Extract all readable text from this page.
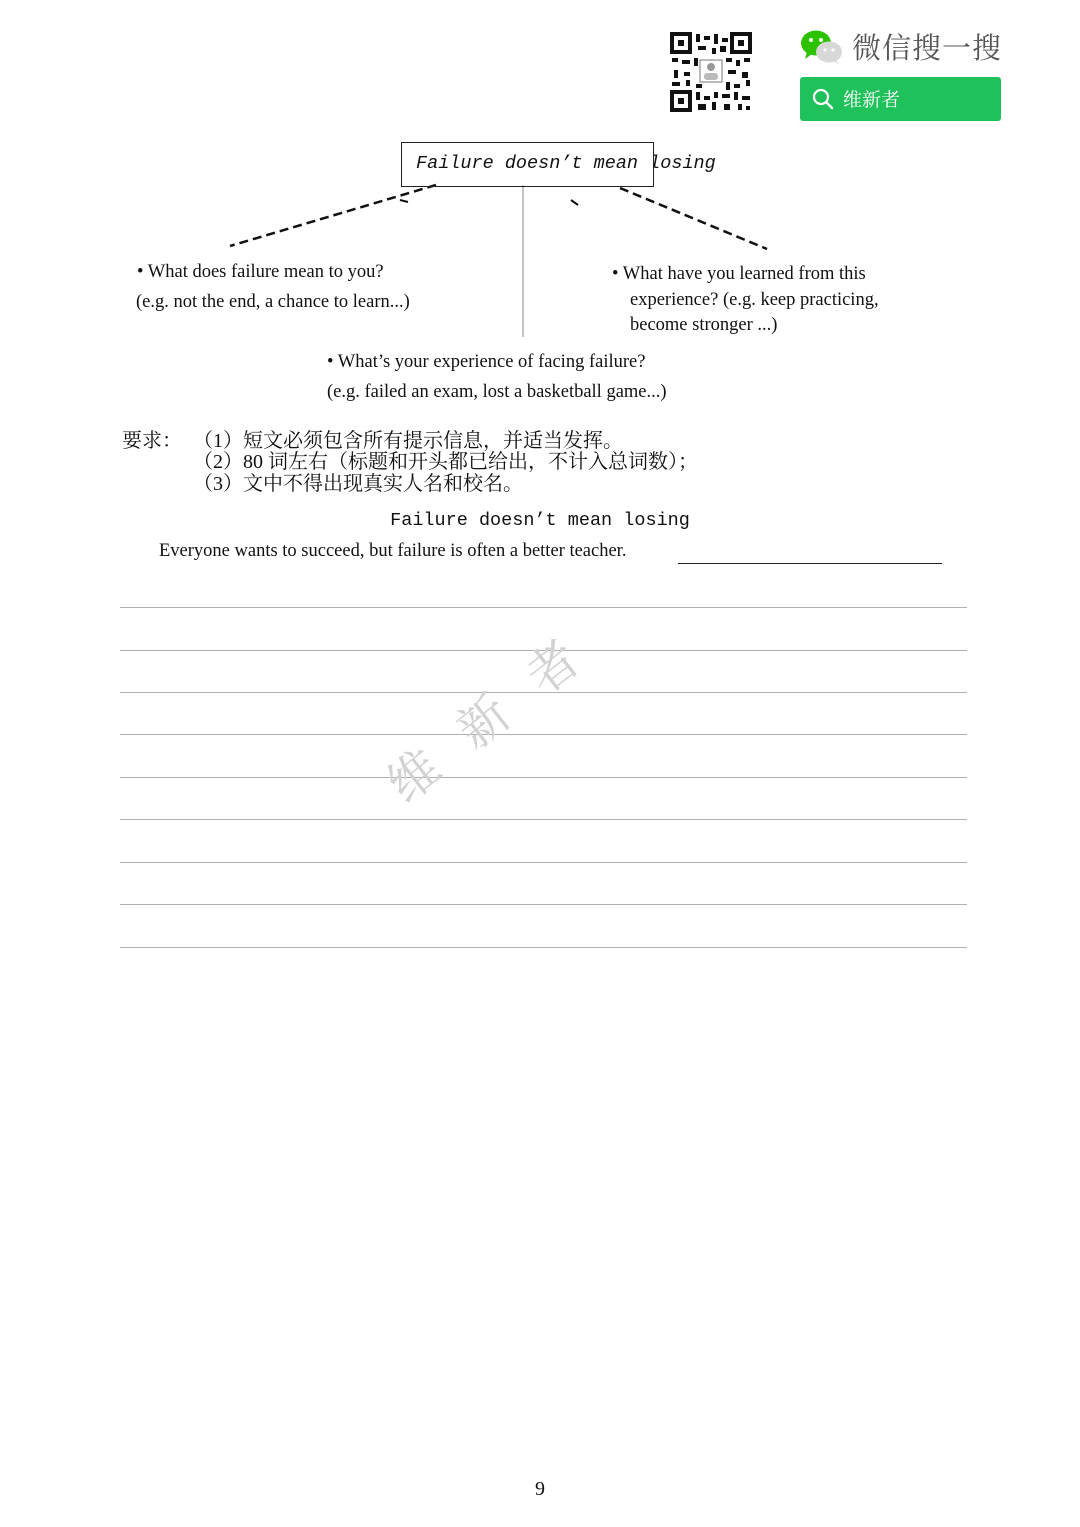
微信搜一搜
维新者
Failure doesn’t mean losing
• What does failure mean to you?
(e.g. not the end, a chance to learn...)
• What have you learned from this
experience? (e.g. keep practicing,
become stronger ...)
• What’s your experience of facing failure?
(e.g. failed an exam, lost a basketball game...)
要求： （1）短文必须包含所有提示信息，并适当发挥。
（2）80 词左右（标题和开头都已给出，不计入总词数）；
（3）文中不得出现真实人名和校名。
Failure doesn’t mean losing
Everyone wants to succeed, but failure is often a better teacher.
维新者
9
